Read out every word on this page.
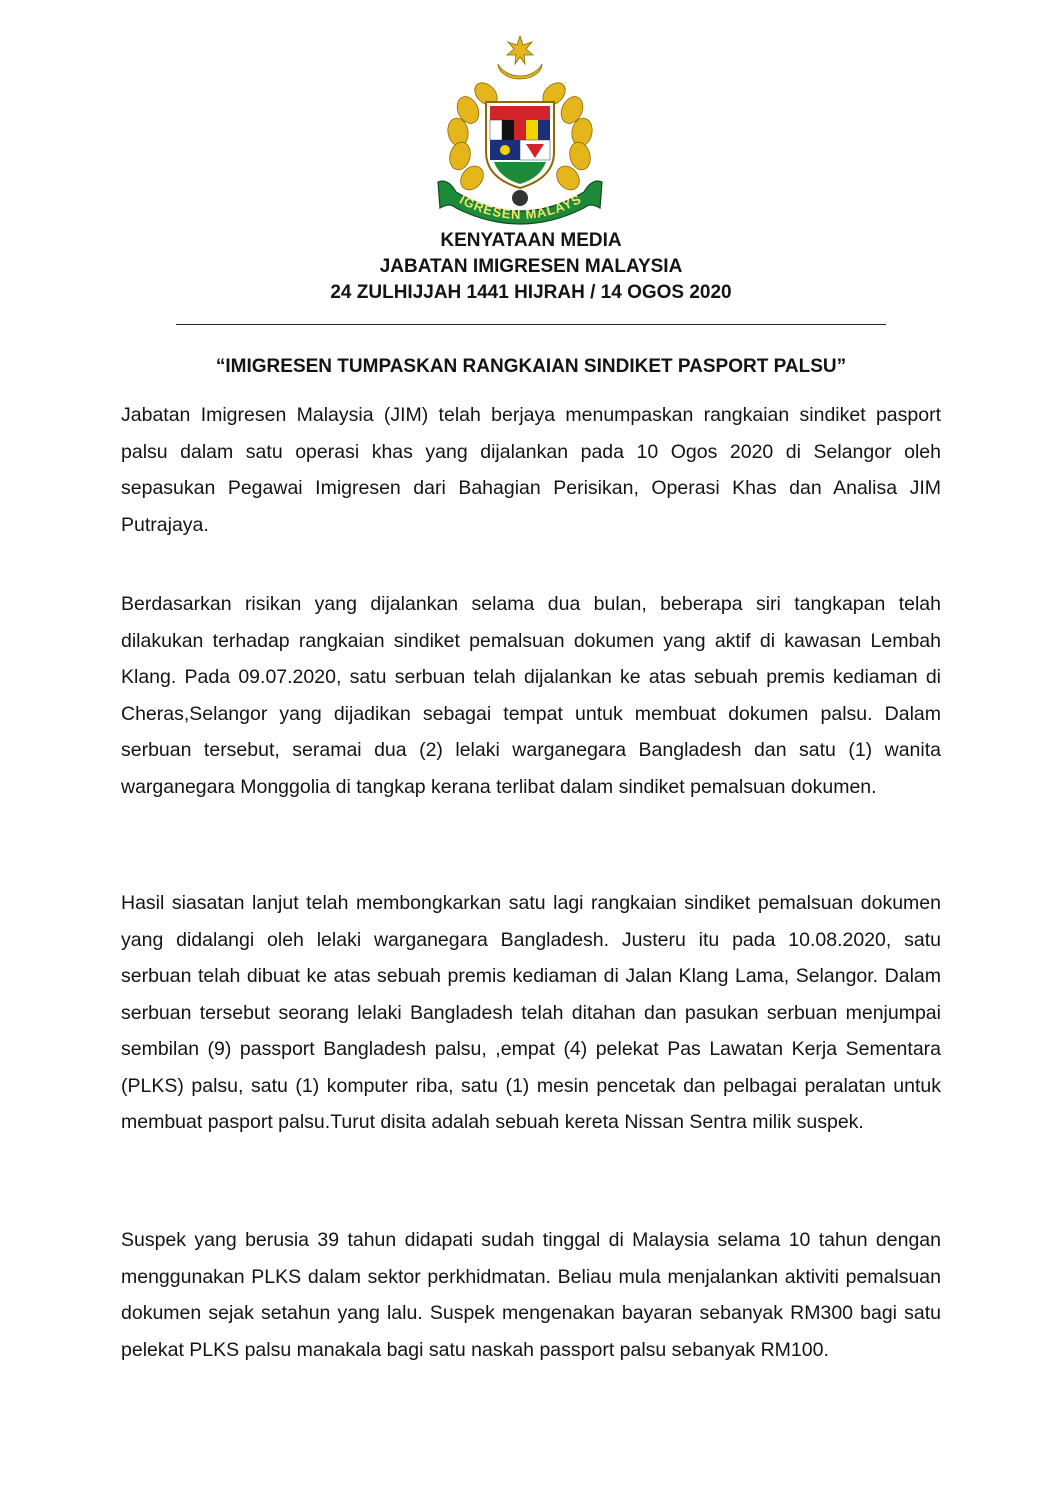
IGRESEN MALAYS
KENYATAAN MEDIA
JABATAN IMIGRESEN MALAYSIA
24 ZULHIJJAH 1441 HIJRAH / 14 OGOS 2020
“IMIGRESEN TUMPASKAN RANGKAIAN SINDIKET PASPORT PALSU”

Jabatan Imigresen Malaysia (JIM) telah berjaya menumpaskan rangkaian sindiket pasport palsu dalam satu operasi khas yang dijalankan pada 10 Ogos 2020 di Selangor oleh sepasukan Pegawai Imigresen dari Bahagian Perisikan, Operasi Khas dan Analisa JIM Putrajaya.

Berdasarkan risikan yang dijalankan selama dua bulan, beberapa siri tangkapan telah dilakukan terhadap rangkaian sindiket pemalsuan dokumen yang aktif di kawasan Lembah Klang. Pada 09.07.2020, satu serbuan telah dijalankan ke atas sebuah premis kediaman di Cheras,Selangor yang dijadikan sebagai tempat untuk membuat dokumen palsu. Dalam serbuan tersebut, seramai dua (2) lelaki warganegara Bangladesh dan satu (1) wanita warganegara Monggolia di tangkap kerana terlibat dalam sindiket pemalsuan dokumen.

Hasil siasatan lanjut telah membongkarkan satu lagi rangkaian sindiket pemalsuan dokumen yang didalangi oleh lelaki warganegara Bangladesh. Justeru itu pada 10.08.2020, satu serbuan telah dibuat ke atas sebuah premis kediaman di Jalan Klang Lama, Selangor. Dalam serbuan tersebut seorang lelaki Bangladesh telah ditahan dan pasukan serbuan menjumpai sembilan (9) passport Bangladesh palsu, ,empat (4) pelekat Pas Lawatan Kerja Sementara (PLKS) palsu, satu (1) komputer riba, satu (1) mesin pencetak dan pelbagai peralatan untuk membuat pasport palsu.Turut disita adalah sebuah kereta Nissan Sentra milik suspek.

Suspek yang berusia 39 tahun didapati sudah tinggal di Malaysia selama 10 tahun dengan menggunakan PLKS dalam sektor perkhidmatan. Beliau mula menjalankan aktiviti pemalsuan dokumen sejak setahun yang lalu. Suspek mengenakan bayaran sebanyak RM300 bagi satu pelekat PLKS palsu manakala bagi satu naskah passport palsu sebanyak RM100.
